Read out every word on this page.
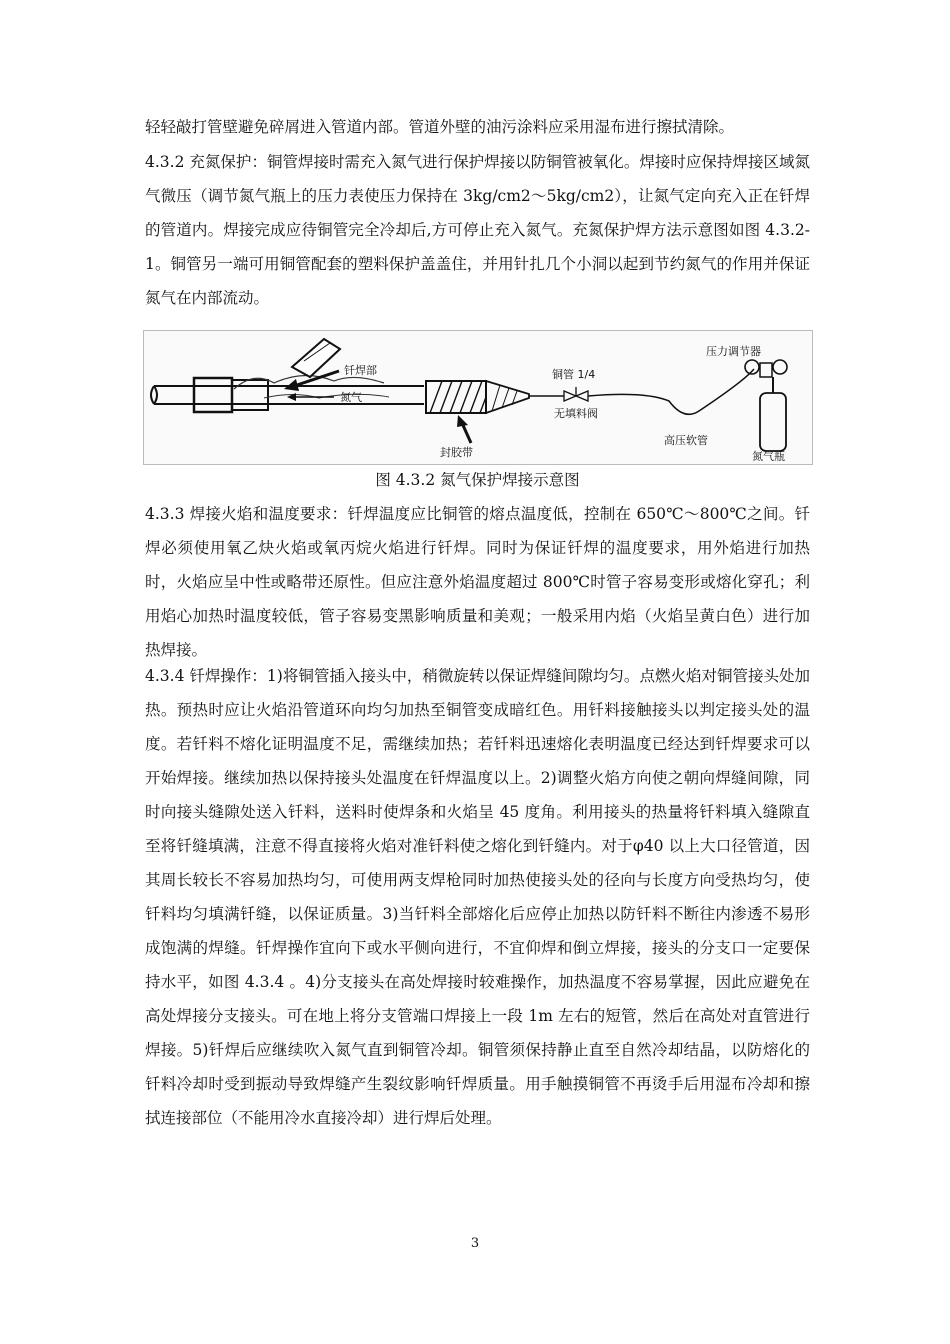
轻轻敲打管壁避免碎屑进入管道内部。管道外壁的油污涂料应采用湿布进行擦拭清除。

4.3.2 充氮保护：铜管焊接时需充入氮气进行保护焊接以防铜管被氧化。焊接时应保持焊接区域氮气微压（调节氮气瓶上的压力表使压力保持在 3kg/cm2～5kg/cm2），让氮气定向充入正在钎焊的管道内。焊接完成应待铜管完全冷却后,方可停止充入氮气。充氮保护焊方法示意图如图 4.3.2-1。铜管另一端可用铜管配套的塑料保护盖盖住，并用针扎几个小洞以起到节约氮气的作用并保证氮气在内部流动。

钎焊部
氮气
封胶带
铜管 1/4
无填料阀
高压软管
压力调节器
氮气瓶
图 4.3.2 氮气保护焊接示意图

4.3.3 焊接火焰和温度要求：钎焊温度应比铜管的熔点温度低，控制在 650℃～800℃之间。钎焊必须使用氧乙炔火焰或氧丙烷火焰进行钎焊。同时为保证钎焊的温度要求，用外焰进行加热时，火焰应呈中性或略带还原性。但应注意外焰温度超过 800℃时管子容易变形或熔化穿孔；利用焰心加热时温度较低，管子容易变黑影响质量和美观；一般采用内焰（火焰呈黄白色）进行加热焊接。

4.3.4 钎焊操作：1)将铜管插入接头中，稍微旋转以保证焊缝间隙均匀。点燃火焰对铜管接头处加热。预热时应让火焰沿管道环向均匀加热至铜管变成暗红色。用钎料接触接头以判定接头处的温度。若钎料不熔化证明温度不足，需继续加热；若钎料迅速熔化表明温度已经达到钎焊要求可以开始焊接。继续加热以保持接头处温度在钎焊温度以上。2)调整火焰方向使之朝向焊缝间隙，同时向接头缝隙处送入钎料，送料时使焊条和火焰呈 45 度角。利用接头的热量将钎料填入缝隙直至将钎缝填满，注意不得直接将火焰对准钎料使之熔化到钎缝内。对于φ40 以上大口径管道，因其周长较长不容易加热均匀，可使用两支焊枪同时加热使接头处的径向与长度方向受热均匀，使钎料均匀填满钎缝，以保证质量。3)当钎料全部熔化后应停止加热以防钎料不断往内渗透不易形成饱满的焊缝。钎焊操作宜向下或水平侧向进行，不宜仰焊和倒立焊接，接头的分支口一定要保持水平，如图 4.3.4 。4)分支接头在高处焊接时较难操作，加热温度不容易掌握，因此应避免在高处焊接分支接头。可在地上将分支管端口焊接上一段 1m 左右的短管，然后在高处对直管进行焊接。5)钎焊后应继续吹入氮气直到铜管冷却。铜管须保持静止直至自然冷却结晶，以防熔化的钎料冷却时受到振动导致焊缝产生裂纹影响钎焊质量。用手触摸铜管不再烫手后用湿布冷却和擦拭连接部位（不能用冷水直接冷却）进行焊后处理。

3
